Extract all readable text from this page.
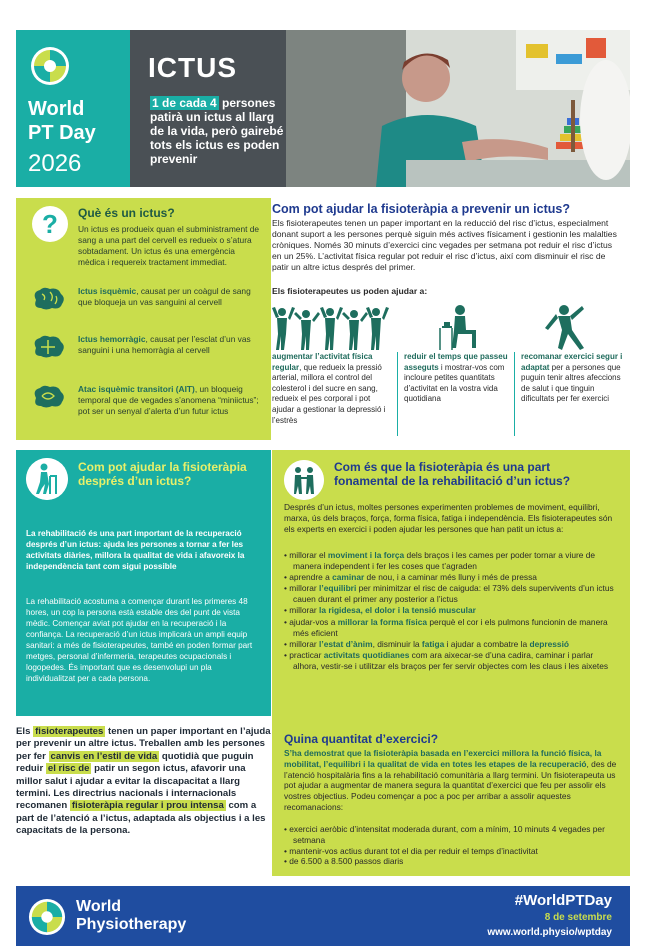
World
PT Day
2026
ICTUS
1 de cada 4 persones patirà un ictus al llarg de la vida, però gairebé tots els ictus es poden prevenir
?	Què és un ictus?
Un ictus es produeix quan el subministrament de sang a una part del cervell es redueix o s’atura sobtadament. Un ictus és una emergència mèdica i requereix tractament immediat.
Ictus isquèmic, causat per un coàgul de sang que bloqueja un vas sanguini al cervell
Ictus hemorràgic, causat per l’esclat d’un vas sanguini i una hemorràgia al cervell
Atac isquèmic transitori (AIT), un bloqueig temporal que de vegades s’anomena “miniictus”; pot ser un senyal d’alerta d’un futur ictus
Com pot ajudar la fisioteràpia a prevenir un ictus?
Els fisioterapeutes tenen un paper important en la reducció del risc d’ictus, especialment donant suport a les persones perquè siguin més actives físicament i gestionin les malalties cròniques. Només 30 minuts d’exercici cinc vegades per setmana pot reduir el risc d’ictus en un 25%. L’activitat física regular pot reduir el risc d’ictus, així com disminuir el risc de patir un altre ictus després del primer.
Els fisioterapeutes us poden ajudar a:
augmentar l’activitat física regular, que redueix la pressió arterial, millora el control del colesterol i del sucre en sang, redueix el pes corporal i pot ajudar a gestionar la depressió i l’estrès
reduir el temps que passeu asseguts i mostrar-vos com incloure petites quantitats d’activitat en la vostra vida quotidiana
recomanar exercici segur i adaptat per a persones que puguin tenir altres afeccions de salut i que tinguin dificultats per fer exercici
Com pot ajudar la fisioteràpia després d’un ictus?
La rehabilitació és una part important de la recuperació després d’un ictus: ajuda les persones a tornar a fer les activitats diàries, millora la qualitat de vida i afavoreix la independència tant com sigui possible
La rehabilitació acostuma a començar durant les primeres 48 hores, un cop la persona està estable des del punt de vista mèdic. Començar aviat pot ajudar en la recuperació i la confiança. La recuperació d’un ictus implicarà un ampli equip sanitari: a més de fisioterapeutes, també en poden formar part metges, personal d’infermeria, terapeutes ocupacionals i logopedes. És important que es desenvolupi un pla individualitzat per a cada persona.
Els fisioterapeutes tenen un paper important en l’ajuda per prevenir un altre ictus. Treballen amb les persones per fer canvis en l’estil de vida quotidià que puguin reduir el risc de patir un segon ictus, afavorir una millor salut i ajudar a evitar la discapacitat a llarg termini. Les directrius nacionals i internacionals recomanen fisioteràpia regular i prou intensa com a part de l’atenció a l’ictus, adaptada als objectius i a les capacitats de la persona.
Com és que la fisioteràpia és una part fonamental de la rehabilitació d’un ictus?
Després d’un ictus, moltes persones experimenten problemes de moviment, equilibri, marxa, ús dels braços, força, forma física, fatiga i independència. Els fisioterapeutes són els experts en exercici i poden ajudar les persones que han patit un ictus a:
• millorar el moviment i la força dels braços i les cames per poder tornar a viure de manera independent i fer les coses que t’agraden
• aprendre a caminar de nou, i a caminar més lluny i més de pressa
• millorar l’equilibri per minimitzar el risc de caiguda: el 73% dels supervivents d’un ictus cauen durant el primer any posterior a l’ictus
• millorar la rigidesa, el dolor i la tensió muscular
• ajudar-vos a millorar la forma física perquè el cor i els pulmons funcionin de manera més eficient
• millorar l’estat d’ànim, disminuir la fatiga i ajudar a combatre la depressió
• practicar activitats quotidianes com ara aixecar-se d’una cadira, caminar i parlar alhora, vestir-se i utilitzar els braços per fer servir objectes com les claus i les aixetes
Quina quantitat d’exercici?
S’ha demostrat que la fisioteràpia basada en l’exercici millora la funció física, la mobilitat, l’equilibri i la qualitat de vida en totes les etapes de la recuperació, des de l’atenció hospitalària fins a la rehabilitació comunitària a llarg termini. Un fisioterapeuta us pot ajudar a augmentar de manera segura la quantitat d’exercici que feu per assolir els vostres objectius. Podeu començar a poc a poc per arribar a assolir aquestes recomanacions:
• exercici aeròbic d’intensitat moderada durant, com a mínim, 10 minuts 4 vegades per setmana
• mantenir-vos actius durant tot el dia per reduir el temps d’inactivitat
• de 6.500 a 8.500 passos diaris
World
Physiotherapy
#WorldPTDay
8 de setembre
www.world.physio/wptday
